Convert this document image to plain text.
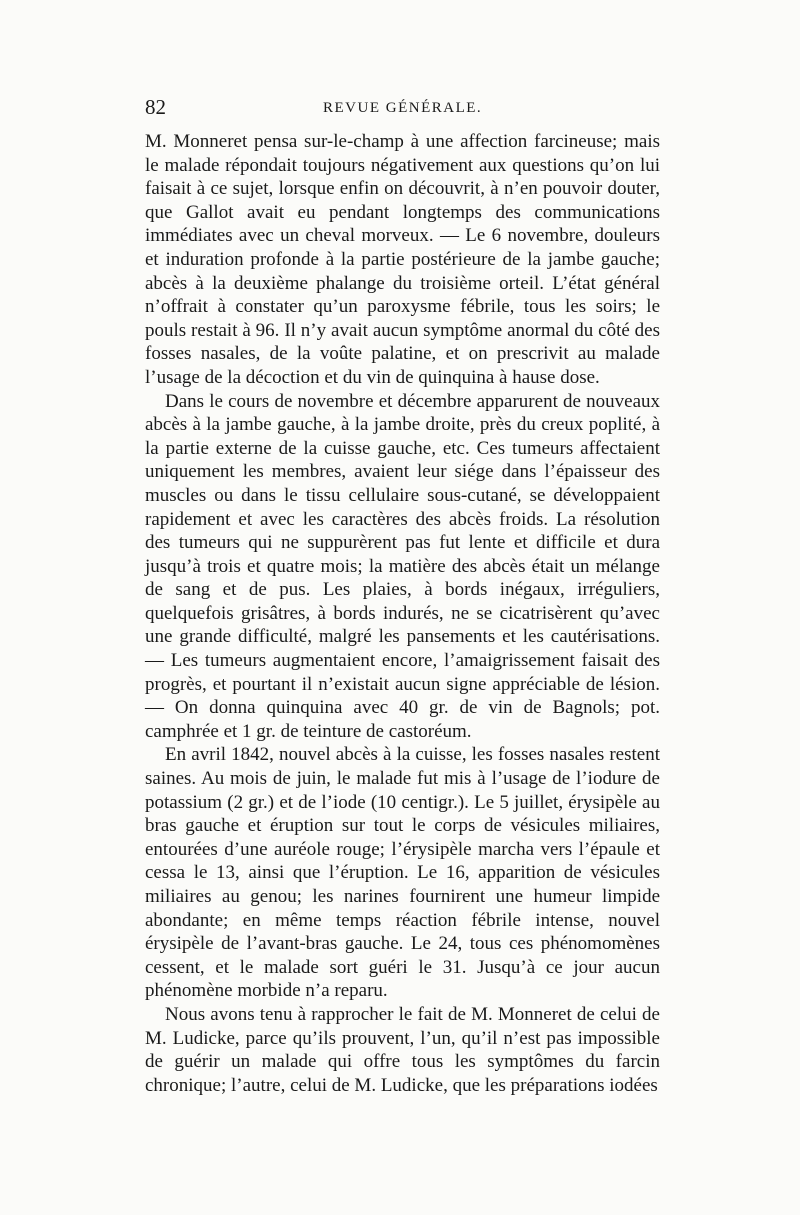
82	REVUE GÉNÉRALE.

M. Monneret pensa sur-le-champ à une affection farcineuse; mais le malade répondait toujours négativement aux questions qu’on lui faisait à ce sujet, lorsque enfin on découvrit, à n’en pouvoir douter, que Gallot avait eu pendant longtemps des communications immédiates avec un cheval morveux. — Le 6 novembre, douleurs et induration profonde à la partie postérieure de la jambe gauche; abcès à la deuxième phalange du troisième orteil. L’état général n’offrait à constater qu’un paroxysme fébrile, tous les soirs; le pouls restait à 96. Il n’y avait aucun symptôme anormal du côté des fosses nasales, de la voûte palatine, et on prescrivit au malade l’usage de la décoction et du vin de quinquina à hause dose.

Dans le cours de novembre et décembre apparurent de nouveaux abcès à la jambe gauche, à la jambe droite, près du creux poplité, à la partie externe de la cuisse gauche, etc. Ces tumeurs affectaient uniquement les membres, avaient leur siége dans l’épaisseur des muscles ou dans le tissu cellulaire sous-cutané, se développaient rapidement et avec les caractères des abcès froids. La résolution des tumeurs qui ne suppurèrent pas fut lente et difficile et dura jusqu’à trois et quatre mois; la matière des abcès était un mélange de sang et de pus. Les plaies, à bords inégaux, irréguliers, quelquefois grisâtres, à bords indurés, ne se cicatrisèrent qu’avec une grande difficulté, malgré les pansements et les cautérisations. — Les tumeurs augmentaient encore, l’amaigrissement faisait des progrès, et pourtant il n’existait aucun signe appréciable de lésion. — On donna quinquina avec 40 gr. de vin de Bagnols; pot. camphrée et 1 gr. de teinture de castoréum.

En avril 1842, nouvel abcès à la cuisse, les fosses nasales restent saines. Au mois de juin, le malade fut mis à l’usage de l’iodure de potassium (2 gr.) et de l’iode (10 centigr.). Le 5 juillet, érysipèle au bras gauche et éruption sur tout le corps de vésicules miliaires, entourées d’une auréole rouge; l’érysipèle marcha vers l’épaule et cessa le 13, ainsi que l’éruption. Le 16, apparition de vésicules miliaires au genou; les narines fournirent une humeur limpide abondante; en même temps réaction fébrile intense, nouvel érysipèle de l’avant-bras gauche. Le 24, tous ces phénomomènes cessent, et le malade sort guéri le 31. Jusqu’à ce jour aucun phénomène morbide n’a reparu.

Nous avons tenu à rapprocher le fait de M. Monneret de celui de M. Ludicke, parce qu’ils prouvent, l’un, qu’il n’est pas impossible de guérir un malade qui offre tous les symptômes du farcin chronique; l’autre, celui de M. Ludicke, que les préparations iodées
